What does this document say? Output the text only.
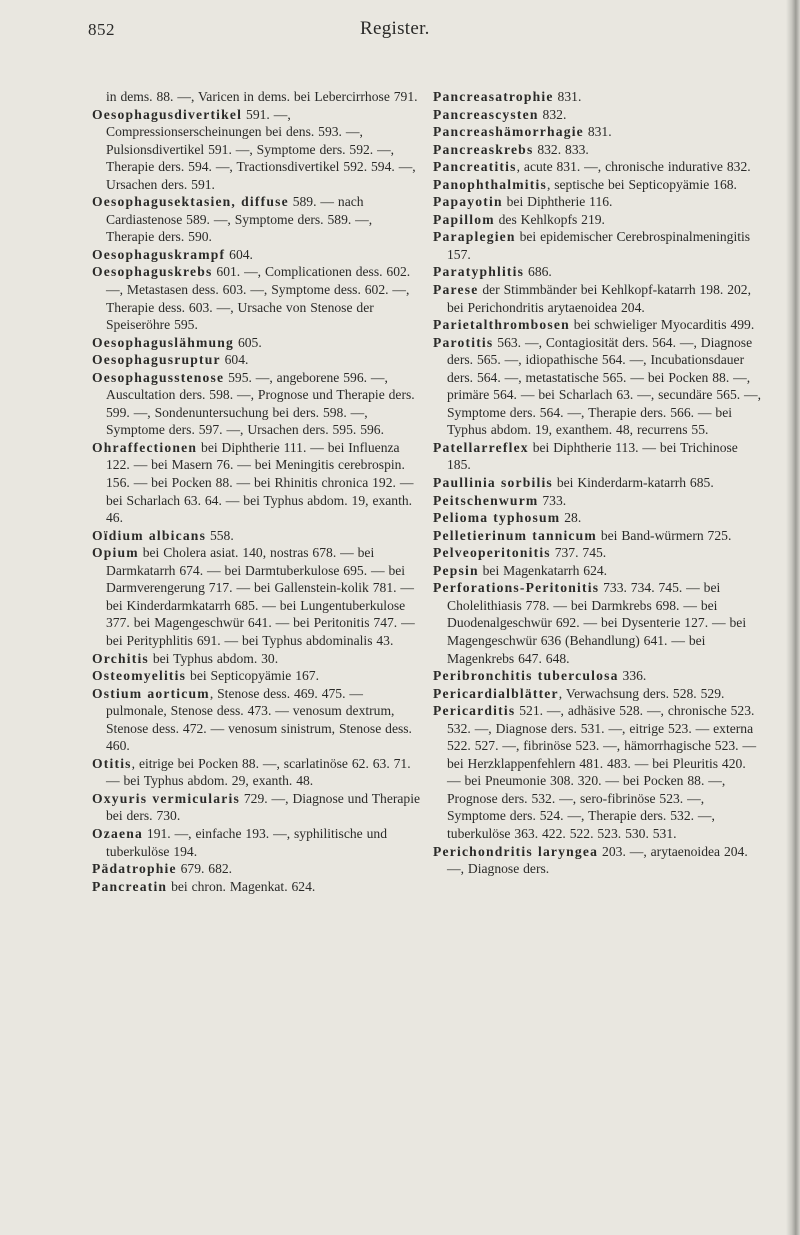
852	Register.

in dems. 88. —, Varicen in dems. bei Lebercirrhose 791.

Oesophagusdivertikel 591. —, Compressionserscheinungen bei dens. 593. —, Pulsionsdivertikel 591. —, Symptome ders. 592. —, Therapie ders. 594. —, Tractionsdivertikel 592. 594. —, Ursachen ders. 591.

Oesophagusektasien, diffuse 589. — nach Cardiastenose 589. —, Symptome ders. 589. —, Therapie ders. 590.

Oesophaguskrampf 604.

Oesophaguskrebs 601. —, Complicationen dess. 602. —, Metastasen dess. 603. —, Symptome dess. 602. —, Therapie dess. 603. —, Ursache von Stenose der Speiseröhre 595.

Oesophaguslähmung 605.

Oesophagusruptur 604.

Oesophagusstenose 595. —, angeborene 596. —, Auscultation ders. 598. —, Prognose und Therapie ders. 599. —, Sondenuntersuchung bei ders. 598. —, Symptome ders. 597. —, Ursachen ders. 595. 596.

Ohraffectionen bei Diphtherie 111. — bei Influenza 122. — bei Masern 76. — bei Meningitis cerebrospin. 156. — bei Pocken 88. — bei Rhinitis chronica 192. — bei Scharlach 63. 64. — bei Typhus abdom. 19, exanth. 46.

Oïdium albicans 558.

Opium bei Cholera asiat. 140, nostras 678. — bei Darmkatarrh 674. — bei Darmtuberkulose 695. — bei Darmverengerung 717. — bei Gallenstein-kolik 781. — bei Kinderdarmkatarrh 685. — bei Lungentuberkulose 377. bei Magengeschwür 641. — bei Peritonitis 747. — bei Perityphlitis 691. — bei Typhus abdominalis 43.

Orchitis bei Typhus abdom. 30.

Osteomyelitis bei Septicopyämie 167.

Ostium aorticum, Stenose dess. 469. 475. — pulmonale, Stenose dess. 473. — venosum dextrum, Stenose dess. 472. — venosum sinistrum, Stenose dess. 460.

Otitis, eitrige bei Pocken 88. —, scarlatinöse 62. 63. 71. — bei Typhus abdom. 29, exanth. 48.

Oxyuris vermicularis 729. —, Diagnose und Therapie bei ders. 730.

Ozaena 191. —, einfache 193. —, syphilitische und tuberkulöse 194.

Pädatrophie 679. 682.

Pancreatin bei chron. Magenkat. 624.

Pancreasatrophie 831.

Pancreascysten 832.

Pancreashämorrhagie 831.

Pancreaskrebs 832. 833.

Pancreatitis, acute 831. —, chronische indurative 832.

Panophthalmitis, septische bei Septicopyämie 168.

Papayotin bei Diphtherie 116.

Papillom des Kehlkopfs 219.

Paraplegien bei epidemischer Cerebrospinalmeningitis 157.

Paratyphlitis 686.

Parese der Stimmbänder bei Kehlkopf-katarrh 198. 202, bei Perichondritis arytaenoidea 204.

Parietalthrombosen bei schwieliger Myocarditis 499.

Parotitis 563. —, Contagiosität ders. 564. —, Diagnose ders. 565. —, idiopathische 564. —, Incubationsdauer ders. 564. —, metastatische 565. — bei Pocken 88. —, primäre 564. — bei Scharlach 63. —, secundäre 565. —, Symptome ders. 564. —, Therapie ders. 566. — bei Typhus abdom. 19, exanthem. 48, recurrens 55.

Patellarreflex bei Diphtherie 113. — bei Trichinose 185.

Paullinia sorbilis bei Kinderdarm-katarrh 685.

Peitschenwurm 733.

Pelioma typhosum 28.

Pelletierinum tannicum bei Band-würmern 725.

Pelveoperitonitis 737. 745.

Pepsin bei Magenkatarrh 624.

Perforations-Peritonitis 733. 734. 745. — bei Cholelithiasis 778. — bei Darmkrebs 698. — bei Duodenalgeschwür 692. — bei Dysenterie 127. — bei Magengeschwür 636 (Behandlung) 641. — bei Magenkrebs 647. 648.

Peribronchitis tuberculosa 336.

Pericardialblätter, Verwachsung ders. 528. 529.

Pericarditis 521. —, adhäsive 528. —, chronische 523. 532. —, Diagnose ders. 531. —, eitrige 523. — externa 522. 527. —, fibrinöse 523. —, hämorrhagische 523. — bei Herzklappenfehlern 481. 483. — bei Pleuritis 420. — bei Pneumonie 308. 320. — bei Pocken 88. —, Prognose ders. 532. —, sero-fibrinöse 523. —, Symptome ders. 524. —, Therapie ders. 532. —, tuberkulöse 363. 422. 522. 523. 530. 531.

Perichondritis laryngea 203. —, arytaenoidea 204. —, Diagnose ders.
